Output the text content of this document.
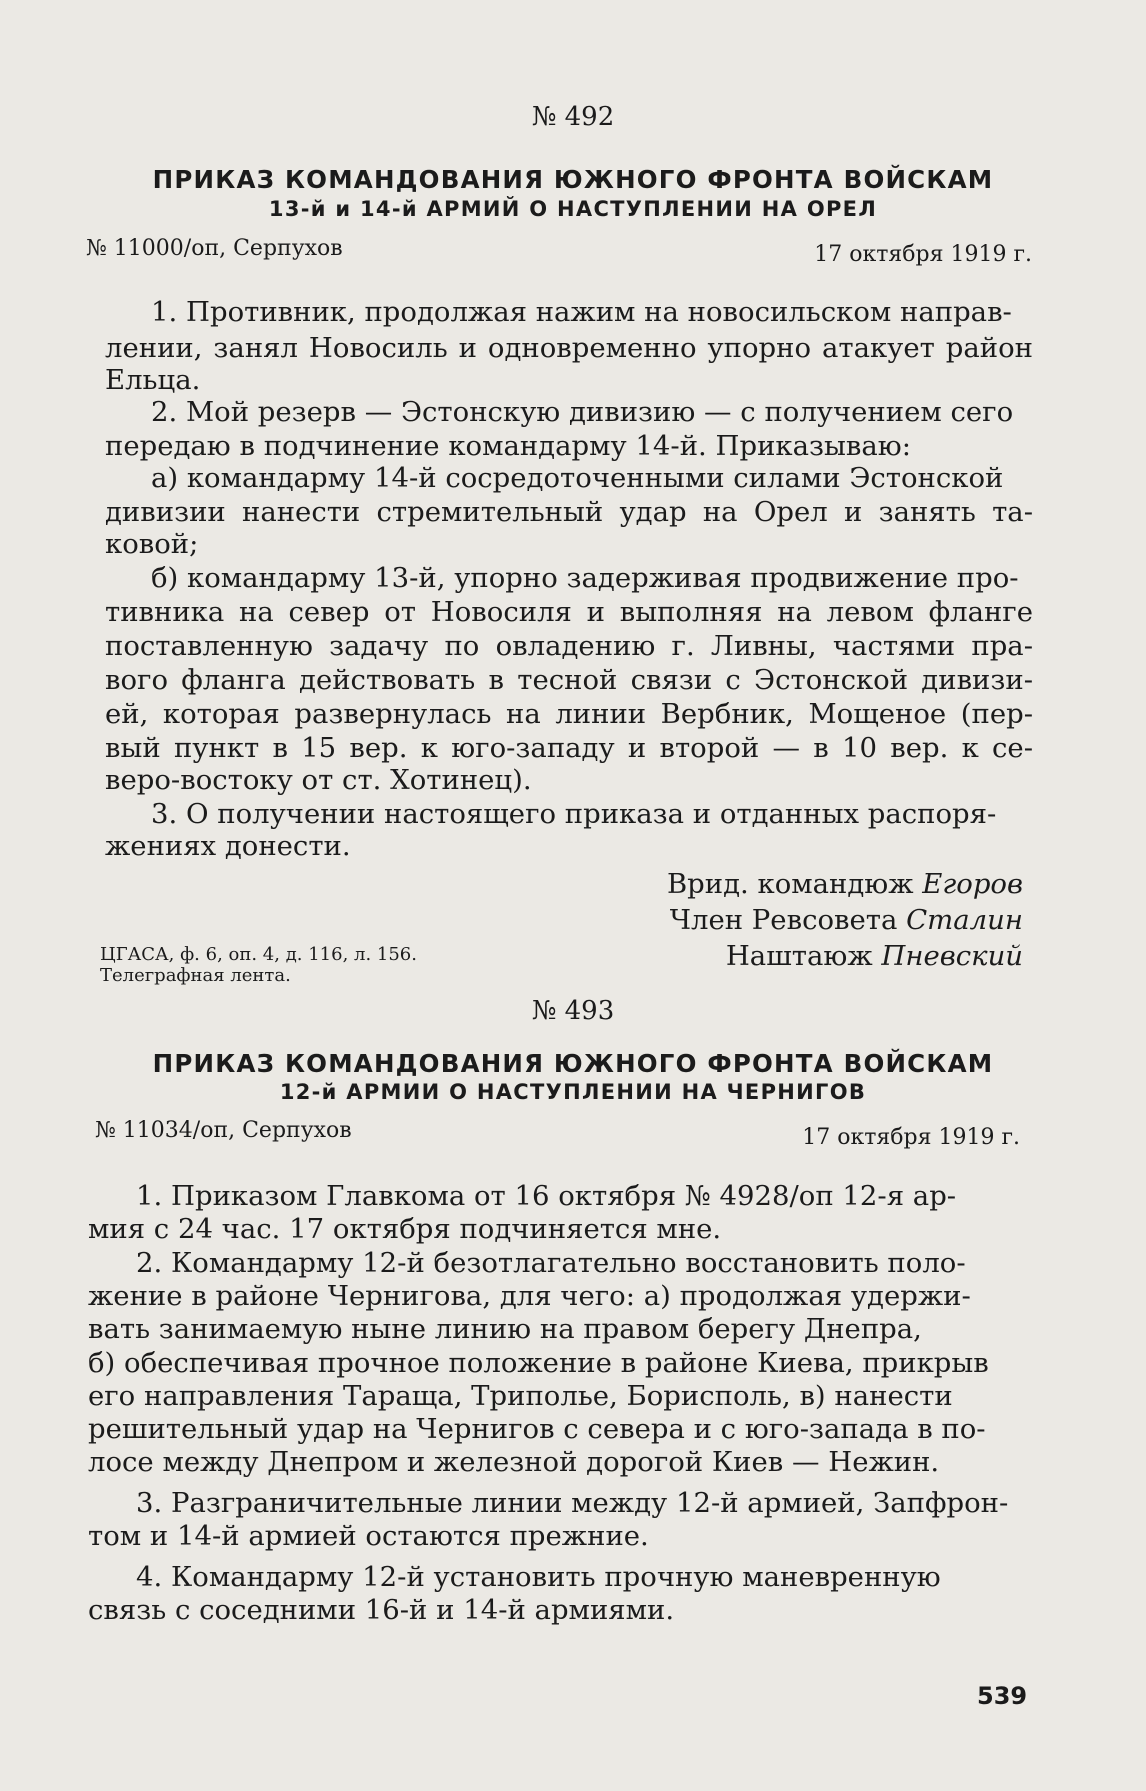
№ 492
ПРИКАЗ КОМАНДОВАНИЯ ЮЖНОГО ФРОНТА ВОЙСКАМ
13-й и 14-й АРМИЙ О НАСТУПЛЕНИИ НА ОРЕЛ
№ 11000/оп, Серпухов	17 октября 1919 г.
1. Противник, продолжая нажим на новосильском направ-
лении, занял Новосиль и одновременно упорно атакует район
Ельца.
2. Мой резерв — Эстонскую дивизию — с получением сего
передаю в подчинение командарму 14-й. Приказываю:
а) командарму 14-й сосредоточенными силами Эстонской
дивизии нанести стремительный удар на Орел и занять та-
ковой;
б) командарму 13-й, упорно задерживая продвижение про-
тивника на север от Новосиля и выполняя на левом фланге
поставленную задачу по овладению г. Ливны, частями пра-
вого фланга действовать в тесной связи с Эстонской дивизи-
ей, которая развернулась на линии Вербник, Мощеное (пер-
вый пункт в 15 вер. к юго-западу и второй — в 10 вер. к се-
веро-востоку от ст. Хотинец).
3. О получении настоящего приказа и отданных распоря-
жениях донести.
Врид. командюж Егоров
Член Ревсовета Сталин
Наштаюж Пневский
ЦГАСА, ф. 6, оп. 4, д. 116, л. 156.
Телеграфная лента.
№ 493
ПРИКАЗ КОМАНДОВАНИЯ ЮЖНОГО ФРОНТА ВОЙСКАМ
12-й АРМИИ О НАСТУПЛЕНИИ НА ЧЕРНИГОВ
№ 11034/оп, Серпухов	17 октября 1919 г.
1. Приказом Главкома от 16 октября № 4928/оп 12-я ар-
мия с 24 час. 17 октября подчиняется мне.
2. Командарму 12-й безотлагательно восстановить поло-
жение в районе Чернигова, для чего: а) продолжая удержи-
вать занимаемую ныне линию на правом берегу Днепра,
б) обеспечивая прочное положение в районе Киева, прикрыв
его направления Тараща, Триполье, Борисполь, в) нанести
решительный удар на Чернигов с севера и с юго-запада в по-
лосе между Днепром и железной дорогой Киев — Нежин.
3. Разграничительные линии между 12-й армией, Запфрон-
том и 14-й армией остаются прежние.
4. Командарму 12-й установить прочную маневренную
связь с соседними 16-й и 14-й армиями.
539
